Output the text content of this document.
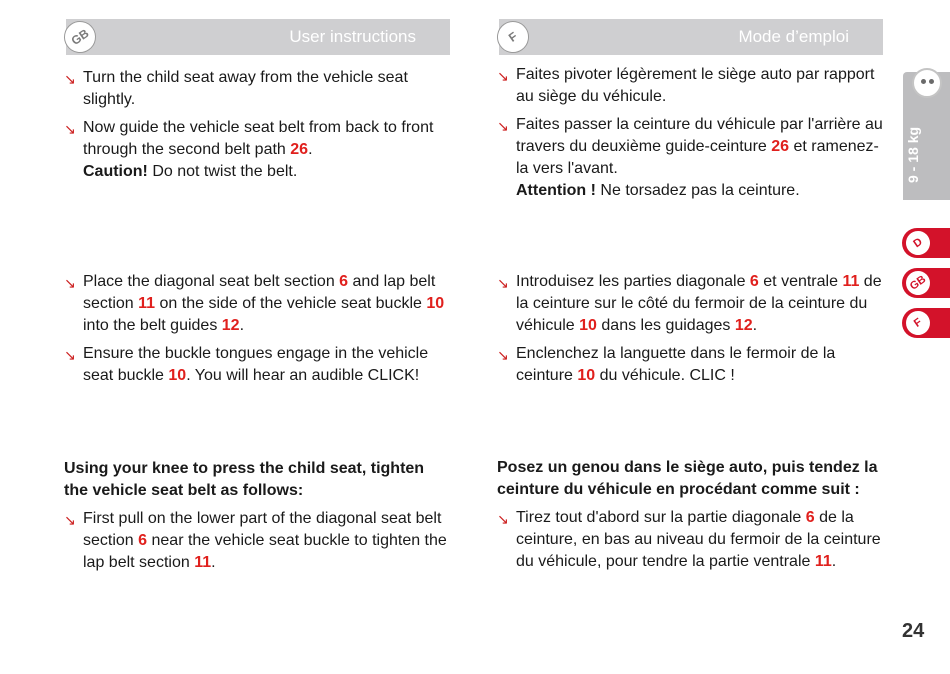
GB	User instructions	F	Mode d’emploi
↘ Turn the child seat away from the vehicle seat slightly.
↘ Now guide the vehicle seat belt from back to front through the second belt path 26.
Caution! Do not twist the belt.
↘ Place the diagonal seat belt section 6 and lap belt section 11 on the side of the vehicle seat buckle 10 into the belt guides 12.
↘ Ensure the buckle tongues engage in the vehicle seat buckle 10. You will hear an audible CLICK!
Using your knee to press the child seat, tighten the vehicle seat belt as follows:
↘ First pull on the lower part of the diagonal seat belt section 6 near the vehicle seat buckle to tighten the lap belt section 11.
↘ Faites pivoter légèrement le siège auto par rapport au siège du véhicule.
↘ Faites passer la ceinture du véhicule par l'arrière au travers du deuxième guide-ceinture 26 et ramenez-la vers l'avant.
Attention ! Ne torsadez pas la ceinture.
↘ Introduisez les parties diagonale 6 et ventrale 11 de la ceinture sur le côté du fermoir de la ceinture du véhicule 10 dans les guidages 12.
↘ Enclenchez la languette dans le fermoir de la ceinture 10 du véhicule. CLIC !
Posez un genou dans le siège auto, puis tendez la ceinture du véhicule en procédant comme suit :
↘ Tirez tout d'abord sur la partie diagonale 6 de la ceinture, en bas au niveau du fermoir de la ceinture du véhicule, pour tendre la partie ventrale 11.
9 - 18 kg
D
GB
F
24
